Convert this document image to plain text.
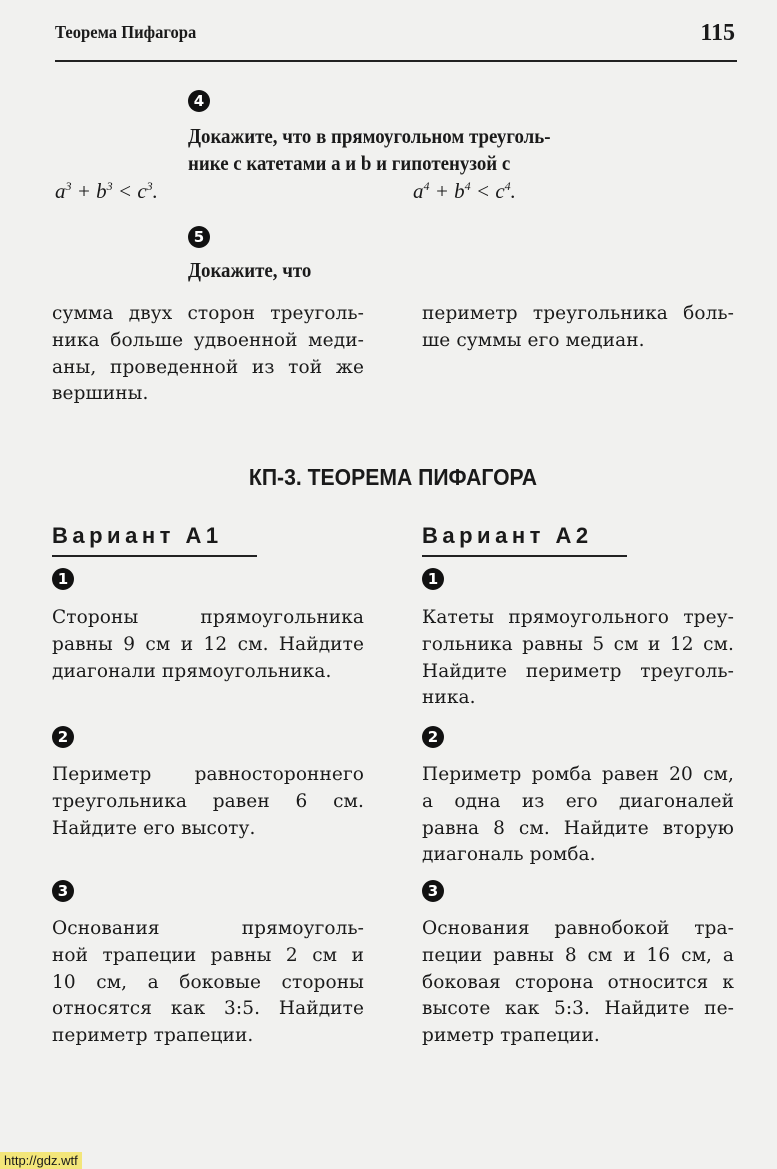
Теорема Пифагора	115
4
Докажите, что в прямоугольном треуголь-
нике с катетами a и b и гипотенузой c
$a^3 + b^3 < c^3$.	$a^4 + b^4 < c^4$.
5
Докажите, что
сумма двух сторон треуголь-
ника больше удвоенной меди-
аны, проведенной из той же
вершины.
периметр треугольника боль-
ше суммы его медиан.
КП-3. ТЕОРЕМА ПИФАГОРА
Вариант А1
1
Стороны прямоугольника
равны 9 см и 12 см. Найдите
диагонали прямоугольника.
2
Периметр равностороннего
треугольника равен 6 см.
Найдите его высоту.
3
Основания прямоуголь-
ной трапеции равны 2 см и
10 см, а боковые стороны
относятся как 3:5. Найдите
периметр трапеции.
Вариант А2
1
Катеты прямоугольного треу-
гольника равны 5 см и 12 см.
Найдите периметр треуголь-
ника.
2
Периметр ромба равен 20 см,
а одна из его диагоналей
равна 8 см. Найдите вторую
диагональ ромба.
3
Основания равнобокой тра-
пеции равны 8 см и 16 см, а
боковая сторона относится к
высоте как 5:3. Найдите пе-
риметр трапеции.
http://gdz.wtf
